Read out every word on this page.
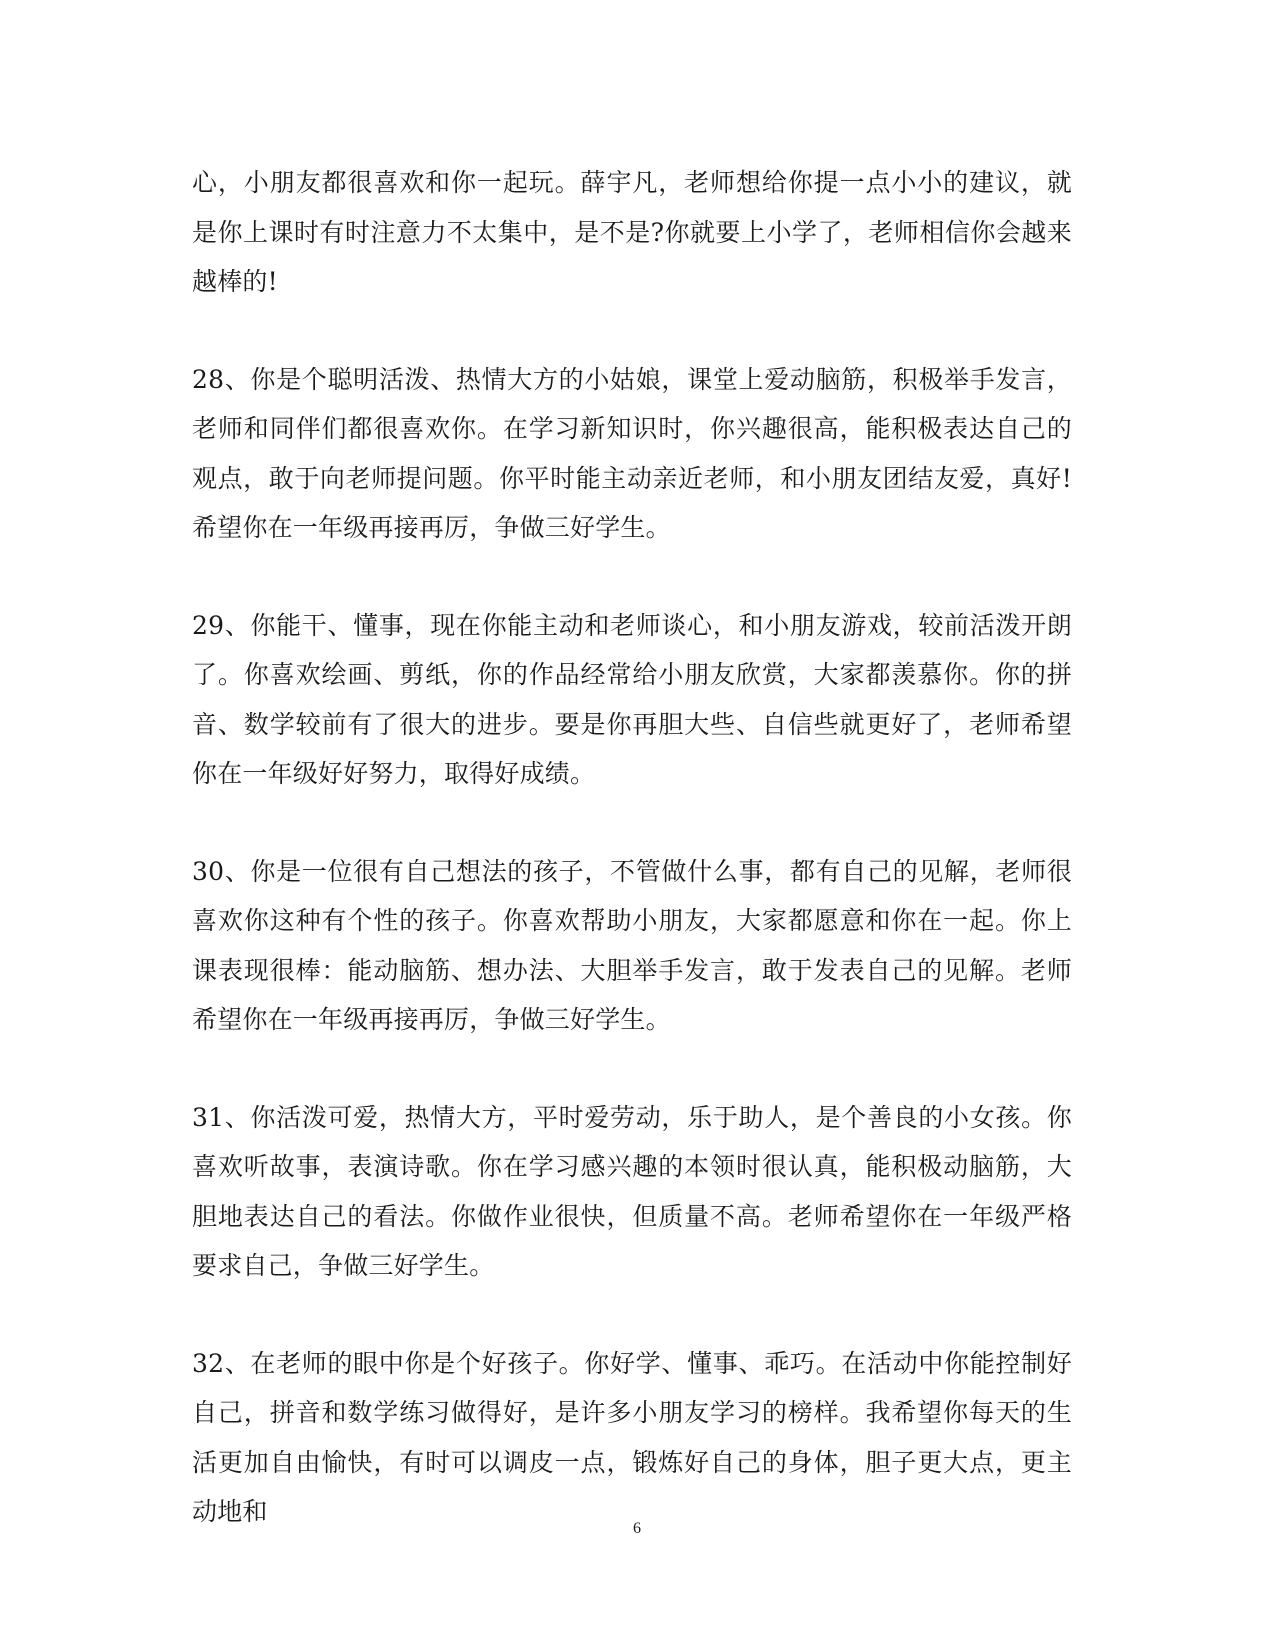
心，小朋友都很喜欢和你一起玩。薛宇凡，老师想给你提一点小小的建议，就是你上课时有时注意力不太集中，是不是?你就要上小学了，老师相信你会越来越棒的!

28、你是个聪明活泼、热情大方的小姑娘，课堂上爱动脑筋，积极举手发言，老师和同伴们都很喜欢你。在学习新知识时，你兴趣很高，能积极表达自己的观点，敢于向老师提问题。你平时能主动亲近老师，和小朋友团结友爱，真好!希望你在一年级再接再厉，争做三好学生。

29、你能干、懂事，现在你能主动和老师谈心，和小朋友游戏，较前活泼开朗了。你喜欢绘画、剪纸，你的作品经常给小朋友欣赏，大家都羡慕你。你的拼音、数学较前有了很大的进步。要是你再胆大些、自信些就更好了，老师希望你在一年级好好努力，取得好成绩。

30、你是一位很有自己想法的孩子，不管做什么事，都有自己的见解，老师很喜欢你这种有个性的孩子。你喜欢帮助小朋友，大家都愿意和你在一起。你上课表现很棒：能动脑筋、想办法、大胆举手发言，敢于发表自己的见解。老师希望你在一年级再接再厉，争做三好学生。

31、你活泼可爱，热情大方，平时爱劳动，乐于助人，是个善良的小女孩。你喜欢听故事，表演诗歌。你在学习感兴趣的本领时很认真，能积极动脑筋，大胆地表达自己的看法。你做作业很快，但质量不高。老师希望你在一年级严格要求自己，争做三好学生。

32、在老师的眼中你是个好孩子。你好学、懂事、乖巧。在活动中你能控制好自己，拼音和数学练习做得好，是许多小朋友学习的榜样。我希望你每天的生活更加自由愉快，有时可以调皮一点，锻炼好自己的身体，胆子更大点，更主动地和

6
